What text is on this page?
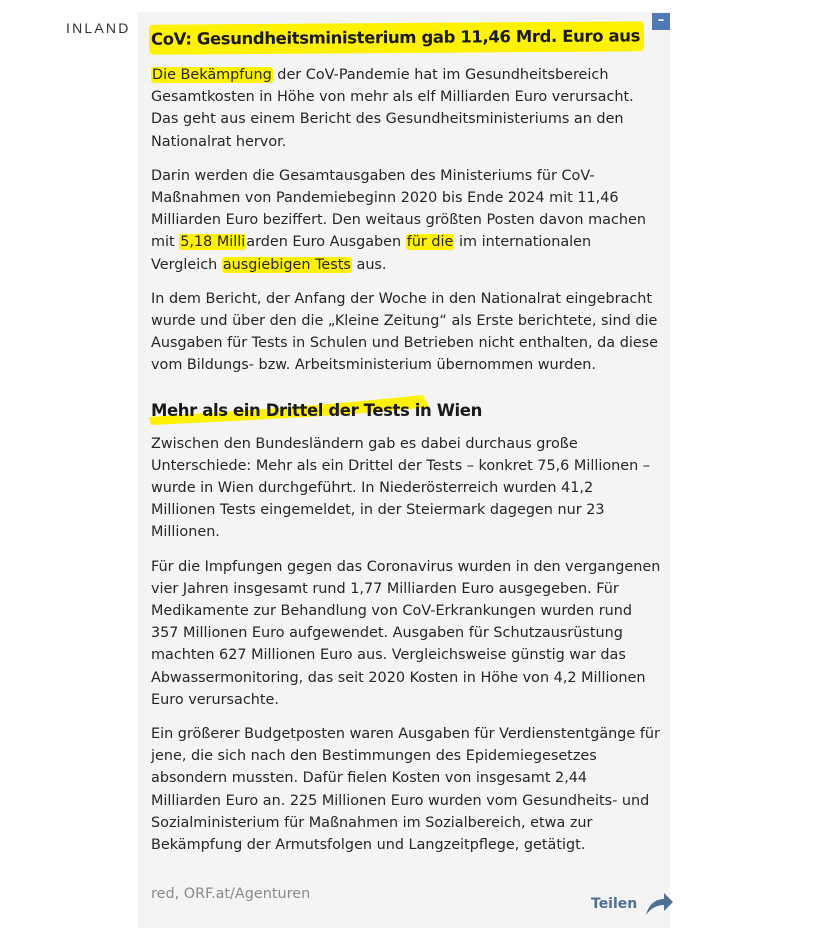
INLAND	–
CoV: Gesundheitsministerium gab 11,46 Mrd. Euro aus

Die Bekämpfung der CoV-Pandemie hat im Gesundheitsbereich Gesamtkosten in Höhe von mehr als elf Milliarden Euro verursacht. Das geht aus einem Bericht des Gesundheitsministeriums an den Nationalrat hervor.

Darin werden die Gesamtausgaben des Ministeriums für CoV-Maßnahmen von Pandemiebeginn 2020 bis Ende 2024 mit 11,46 Milliarden Euro beziffert. Den weitaus größten Posten davon machen mit 5,18 Milliarden Euro Ausgaben für die im internationalen Vergleich ausgiebigen Tests aus.

In dem Bericht, der Anfang der Woche in den Nationalrat eingebracht wurde und über den die „Kleine Zeitung“ als Erste berichtete, sind die Ausgaben für Tests in Schulen und Betrieben nicht enthalten, da diese vom Bildungs- bzw. Arbeitsministerium übernommen wurden.

Mehr als ein Drittel der Tests in Wien

Zwischen den Bundesländern gab es dabei durchaus große Unterschiede: Mehr als ein Drittel der Tests – konkret 75,6 Millionen – wurde in Wien durchgeführt. In Niederösterreich wurden 41,2 Millionen Tests eingemeldet, in der Steiermark dagegen nur 23 Millionen.

Für die Impfungen gegen das Coronavirus wurden in den vergangenen vier Jahren insgesamt rund 1,77 Milliarden Euro ausgegeben. Für Medikamente zur Behandlung von CoV-Erkrankungen wurden rund 357 Millionen Euro aufgewendet. Ausgaben für Schutzausrüstung machten 627 Millionen Euro aus. Vergleichsweise günstig war das Abwassermonitoring, das seit 2020 Kosten in Höhe von 4,2 Millionen Euro verursachte.

Ein größerer Budgetposten waren Ausgaben für Verdienstentgänge für jene, die sich nach den Bestimmungen des Epidemiegesetzes absondern mussten. Dafür fielen Kosten von insgesamt 2,44 Milliarden Euro an. 225 Millionen Euro wurden vom Gesundheits- und Sozialministerium für Maßnahmen im Sozialbereich, etwa zur Bekämpfung der Armutsfolgen und Langzeitpflege, getätigt.

red, ORF.at/Agenturen
Teilen
